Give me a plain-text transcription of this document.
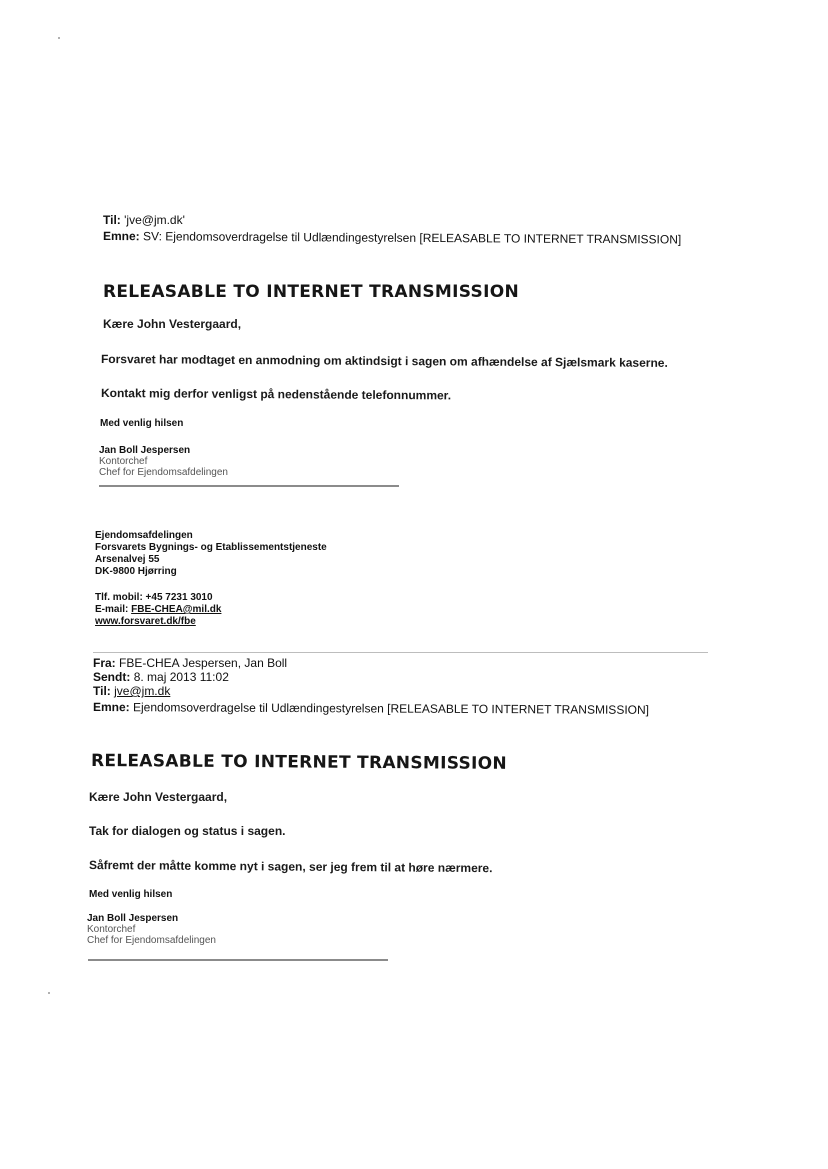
Til: 'jve@jm.dk'
Emne: SV: Ejendomsoverdragelse til Udlændingestyrelsen [RELEASABLE TO INTERNET TRANSMISSION]
RELEASABLE TO INTERNET TRANSMISSION
Kære John Vestergaard,
Forsvaret har modtaget en anmodning om aktindsigt i sagen om afhændelse af Sjælsmark kaserne.
Kontakt mig derfor venligst på nedenstående telefonnummer.
Med venlig hilsen
Jan Boll Jespersen
Kontorchef
Chef for Ejendomsafdelingen
Ejendomsafdelingen
Forsvarets Bygnings- og Etablissementstjeneste
Arsenalvej 55
DK-9800 Hjørring
Tlf. mobil: +45 7231 3010
E-mail: FBE-CHEA@mil.dk
www.forsvaret.dk/fbe
Fra: FBE-CHEA Jespersen, Jan Boll
Sendt: 8. maj 2013 11:02
Til: jve@jm.dk
Emne: Ejendomsoverdragelse til Udlændingestyrelsen [RELEASABLE TO INTERNET TRANSMISSION]
RELEASABLE TO INTERNET TRANSMISSION
Kære John Vestergaard,
Tak for dialogen og status i sagen.
Såfremt der måtte komme nyt i sagen, ser jeg frem til at høre nærmere.
Med venlig hilsen
Jan Boll Jespersen
Kontorchef
Chef for Ejendomsafdelingen
